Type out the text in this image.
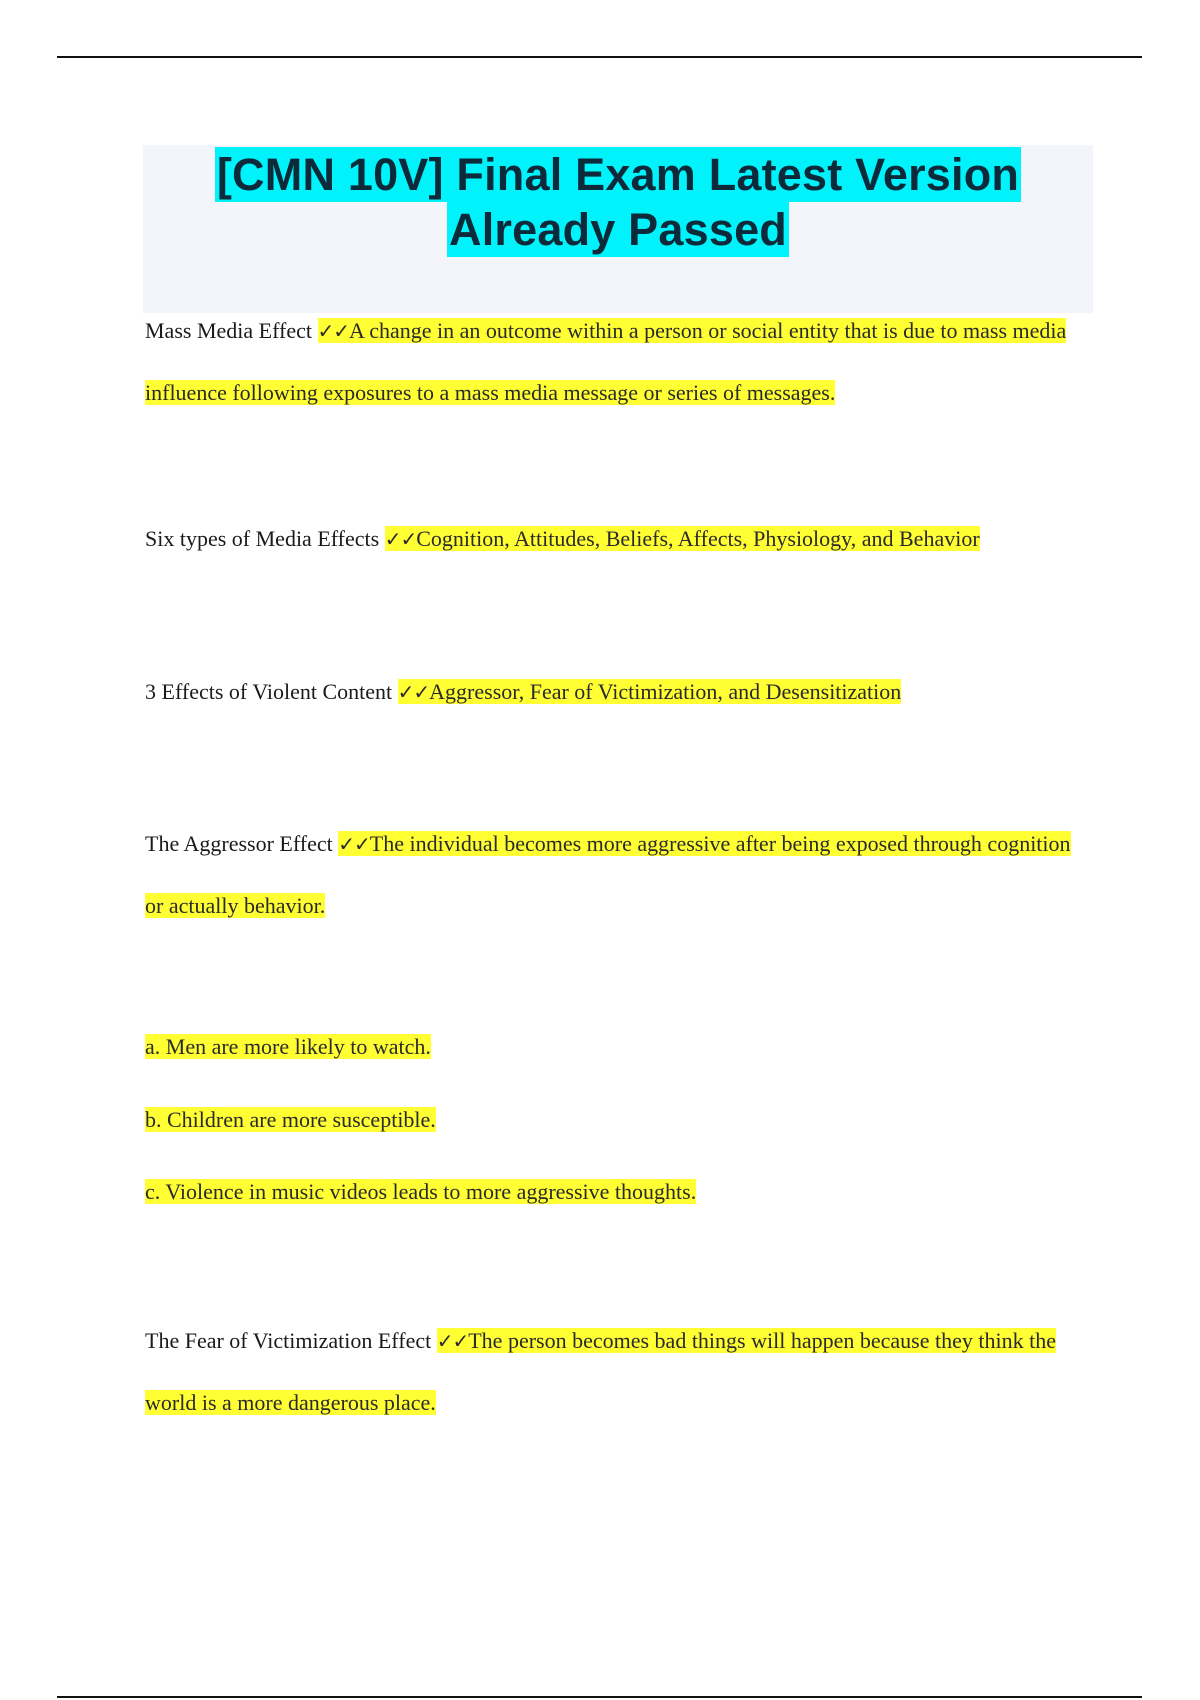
[CMN 10V] Final Exam Latest Version
Already Passed
Mass Media Effect ✓✓A change in an outcome within a person or social entity that is due to mass media influence following exposures to a mass media message or series of messages.
Six types of Media Effects ✓✓Cognition, Attitudes, Beliefs, Affects, Physiology, and Behavior
3 Effects of Violent Content ✓✓Aggressor, Fear of Victimization, and Desensitization
The Aggressor Effect ✓✓The individual becomes more aggressive after being exposed through cognition or actually behavior.
a. Men are more likely to watch.
b. Children are more susceptible.
c. Violence in music videos leads to more aggressive thoughts.
The Fear of Victimization Effect ✓✓The person becomes bad things will happen because they think the world is a more dangerous place.
